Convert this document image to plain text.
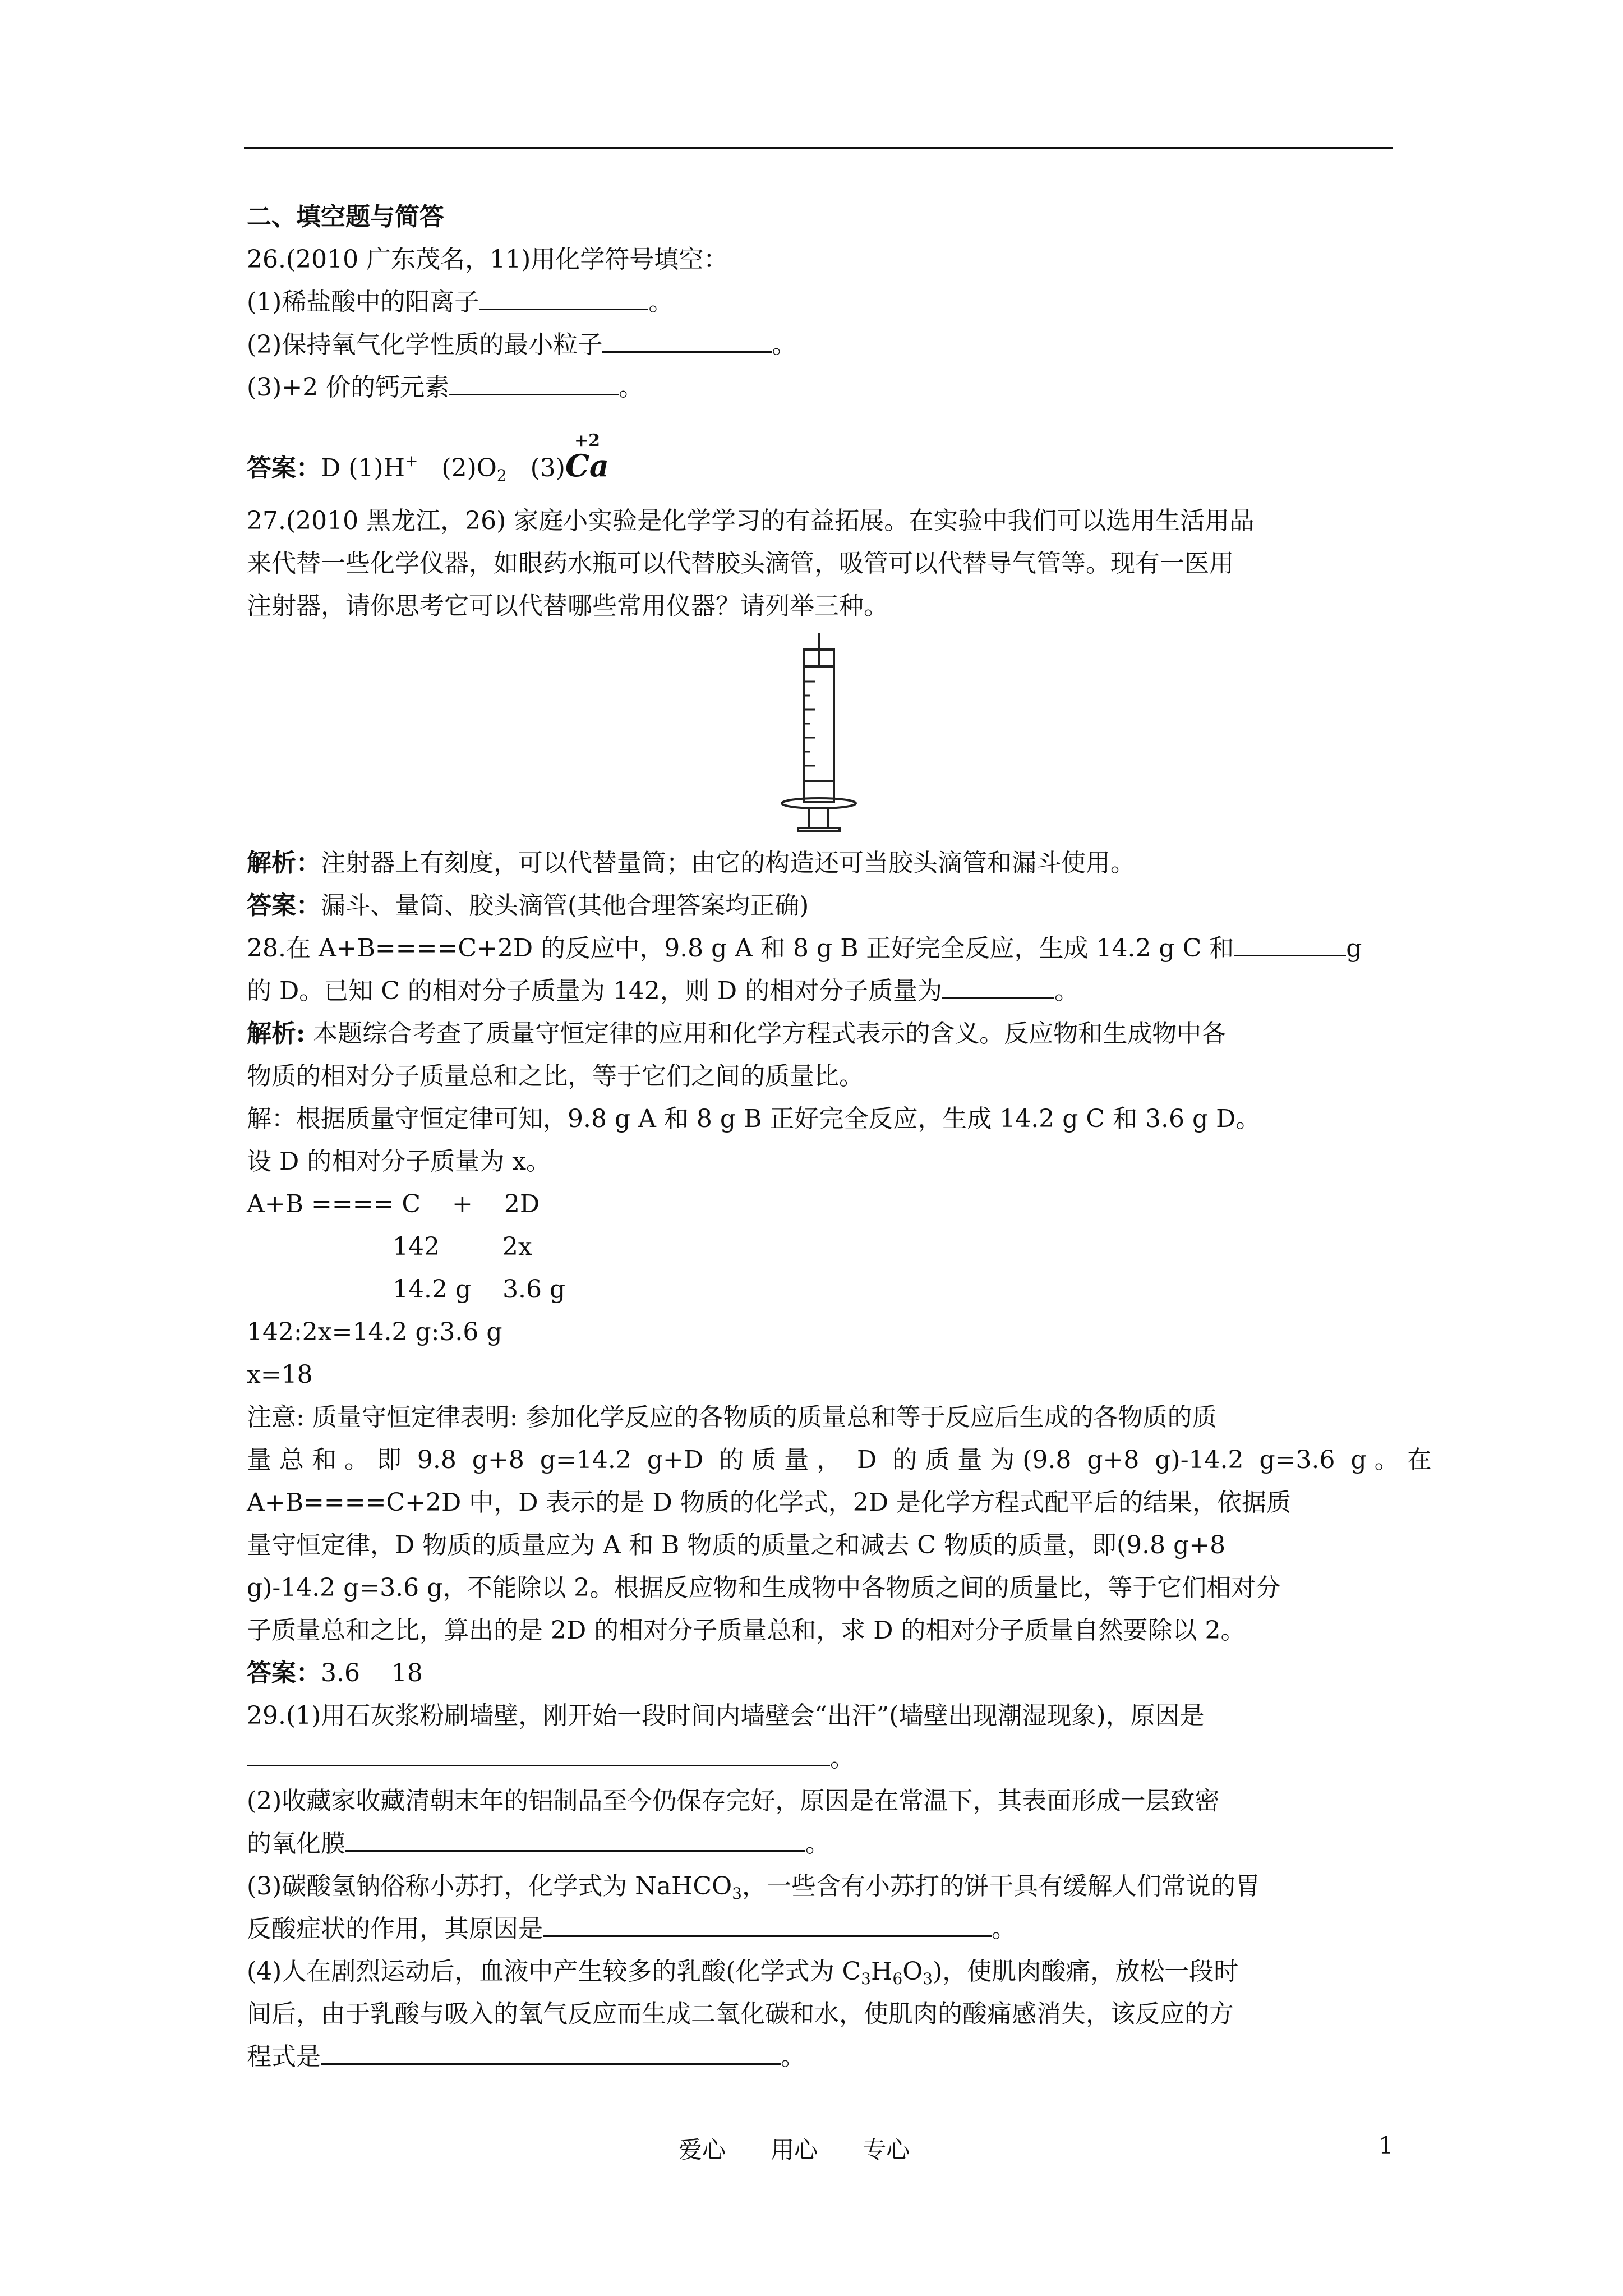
二、填空题与简答
26.(2010 广东茂名，11)用化学符号填空：
(1)稀盐酸中的阳离子	。
(2)保持氧气化学性质的最小粒子	。
(3)+2 价的钙元素	。
答案：D (1)H+ $(2)O_2$ (3)
+2
Ca
27.(2010 黑龙江，26) 家庭小实验是化学学习的有益拓展。在实验中我们可以选用生活用品
来代替一些化学仪器，如眼药水瓶可以代替胶头滴管，吸管可以代替导气管等。现有一医用
注射器，请你思考它可以代替哪些常用仪器？请列举三种。
解析：注射器上有刻度，可以代替量筒；由它的构造还可当胶头滴管和漏斗使用。
答案：漏斗、量筒、胶头滴管(其他合理答案均正确)
28.在 A+B====C+2D 的反应中，9.8 g A 和 8 g B 正好完全反应，生成 14.2 g C 和	g
的 D。已知 C 的相对分子质量为 142，则 D 的相对分子质量为	。
解析: 本题综合考查了质量守恒定律的应用和化学方程式表示的含义。反应物和生成物中各
物质的相对分子质量总和之比，等于它们之间的质量比。
解：根据质量守恒定律可知，9.8 g A 和 8 g B 正好完全反应，生成 14.2 g C 和 3.6 g D。
设 D 的相对分子质量为 x。
A+B ==== C    +    2D
142        2x
14.2 g    3.6 g
142:2x=14.2 g:3.6 g
x=18
注意: 质量守恒定律表明: 参加化学反应的各物质的质量总和等于反应后生成的各物质的质
量 总 和 。 即  9.8  g+8  g=14.2  g+D  的 质 量 ，  D  的 质 量 为 (9.8  g+8  g)-14.2  g=3.6  g 。 在
A+B====C+2D 中，D 表示的是 D 物质的化学式，2D 是化学方程式配平后的结果，依据质
量守恒定律，D 物质的质量应为 A 和 B 物质的质量之和减去 C 物质的质量，即(9.8 g+8
g)-14.2 g=3.6 g，不能除以 2。根据反应物和生成物中各物质之间的质量比，等于它们相对分
子质量总和之比，算出的是 2D 的相对分子质量总和，求 D 的相对分子质量自然要除以 2。
答案：3.6    18
29.(1)用石灰浆粉刷墙壁，刚开始一段时间内墙壁会“出汗”(墙壁出现潮湿现象)，原因是
。
(2)收藏家收藏清朝末年的铝制品至今仍保存完好，原因是在常温下，其表面形成一层致密
的氧化膜	。
(3)碳酸氢钠俗称小苏打，化学式为 NaHCO$_3$，一些含有小苏打的饼干具有缓解人们常说的胃
反酸症状的作用，其原因是	。
(4)人在剧烈运动后，血液中产生较多的乳酸(化学式为 $C_3H_6O_3$)，使肌肉酸痛，放松一段时
间后，由于乳酸与吸入的氧气反应而生成二氧化碳和水，使肌肉的酸痛感消失，该反应的方
程式是	。
爱心      用心      专心	1
